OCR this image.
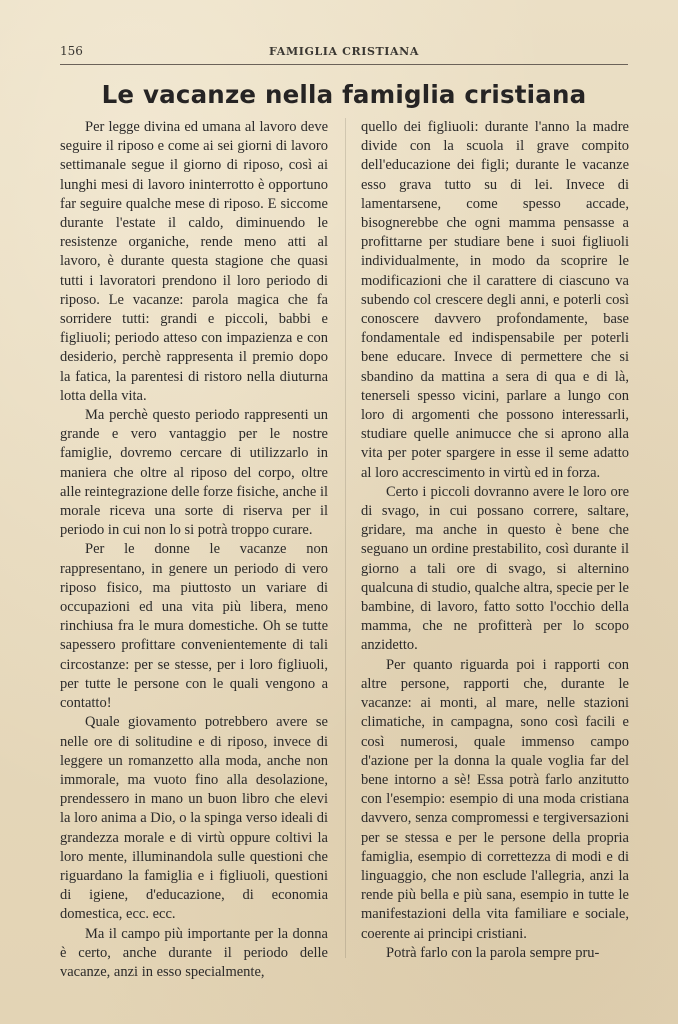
156	FAMIGLIA CRISTIANA
Le vacanze nella famiglia cristiana

Per legge divina ed umana al lavoro deve seguire il riposo e come ai sei giorni di lavoro settimanale segue il giorno di riposo, così ai lunghi mesi di lavoro ininterrotto è opportuno far seguire qualche mese di riposo. E siccome durante l'estate il caldo, diminuendo le resistenze organiche, rende meno atti al lavoro, è durante questa stagione che quasi tutti i lavoratori prendono il loro periodo di riposo. Le vacanze: parola magica che fa sorridere tutti: grandi e piccoli, babbi e figliuoli; periodo atteso con impazienza e con desiderio, perchè rappresenta il premio dopo la fatica, la parentesi di ristoro nella diuturna lotta della vita.

Ma perchè questo periodo rappresenti un grande e vero vantaggio per le nostre famiglie, dovremo cercare di utilizzarlo in maniera che oltre al riposo del corpo, oltre alle reintegrazione delle forze fisiche, anche il morale riceva una sorte di riserva per il periodo in cui non lo si potrà troppo curare.

Per le donne le vacanze non rappresentano, in genere un periodo di vero riposo fisico, ma piuttosto un variare di occupazioni ed una vita più libera, meno rinchiusa fra le mura domestiche. Oh se tutte sapessero profittare convenientemente di tali circostanze: per se stesse, per i loro figliuoli, per tutte le persone con le quali vengono a contatto!

Quale giovamento potrebbero avere se nelle ore di solitudine e di riposo, invece di leggere un romanzetto alla moda, anche non immorale, ma vuoto fino alla desolazione, prendessero in mano un buon libro che elevi la loro anima a Dio, o la spinga verso ideali di grandezza morale e di virtù oppure coltivi la loro mente, illuminandola sulle questioni che riguardano la famiglia e i figliuoli, questioni di igiene, d'educazione, di economia domestica, ecc. ecc.

Ma il campo più importante per la donna è certo, anche durante il periodo delle vacanze, anzi in esso specialmente,

quello dei figliuoli: durante l'anno la madre divide con la scuola il grave compito dell'educazione dei figli; durante le vacanze esso grava tutto su di lei. Invece di lamentarsene, come spesso accade, bisognerebbe che ogni mamma pensasse a profittarne per studiare bene i suoi figliuoli individualmente, in modo da scoprire le modificazioni che il carattere di ciascuno va subendo col crescere degli anni, e poterli così conoscere davvero profondamente, base fondamentale ed indispensabile per poterli bene educare. Invece di permettere che si sbandino da mattina a sera di qua e di là, tenerseli spesso vicini, parlare a lungo con loro di argomenti che possono interessarli, studiare quelle animucce che si aprono alla vita per poter spargere in esse il seme adatto al loro accrescimento in virtù ed in forza.

Certo i piccoli dovranno avere le loro ore di svago, in cui possano correre, saltare, gridare, ma anche in questo è bene che seguano un ordine prestabilito, così durante il giorno a tali ore di svago, si alternino qualcuna di studio, qualche altra, specie per le bambine, di lavoro, fatto sotto l'occhio della mamma, che ne profitterà per lo scopo anzidetto.

Per quanto riguarda poi i rapporti con altre persone, rapporti che, durante le vacanze: ai monti, al mare, nelle stazioni climatiche, in campagna, sono così facili e così numerosi, quale immenso campo d'azione per la donna la quale voglia far del bene intorno a sè! Essa potrà farlo anzitutto con l'esempio: esempio di una moda cristiana davvero, senza compromessi e tergiversazioni per se stessa e per le persone della propria famiglia, esempio di correttezza di modi e di linguaggio, che non esclude l'allegria, anzi la rende più bella e più sana, esempio in tutte le manifestazioni della vita familiare e sociale, coerente ai principi cristiani.

Potrà farlo con la parola sempre pru-
